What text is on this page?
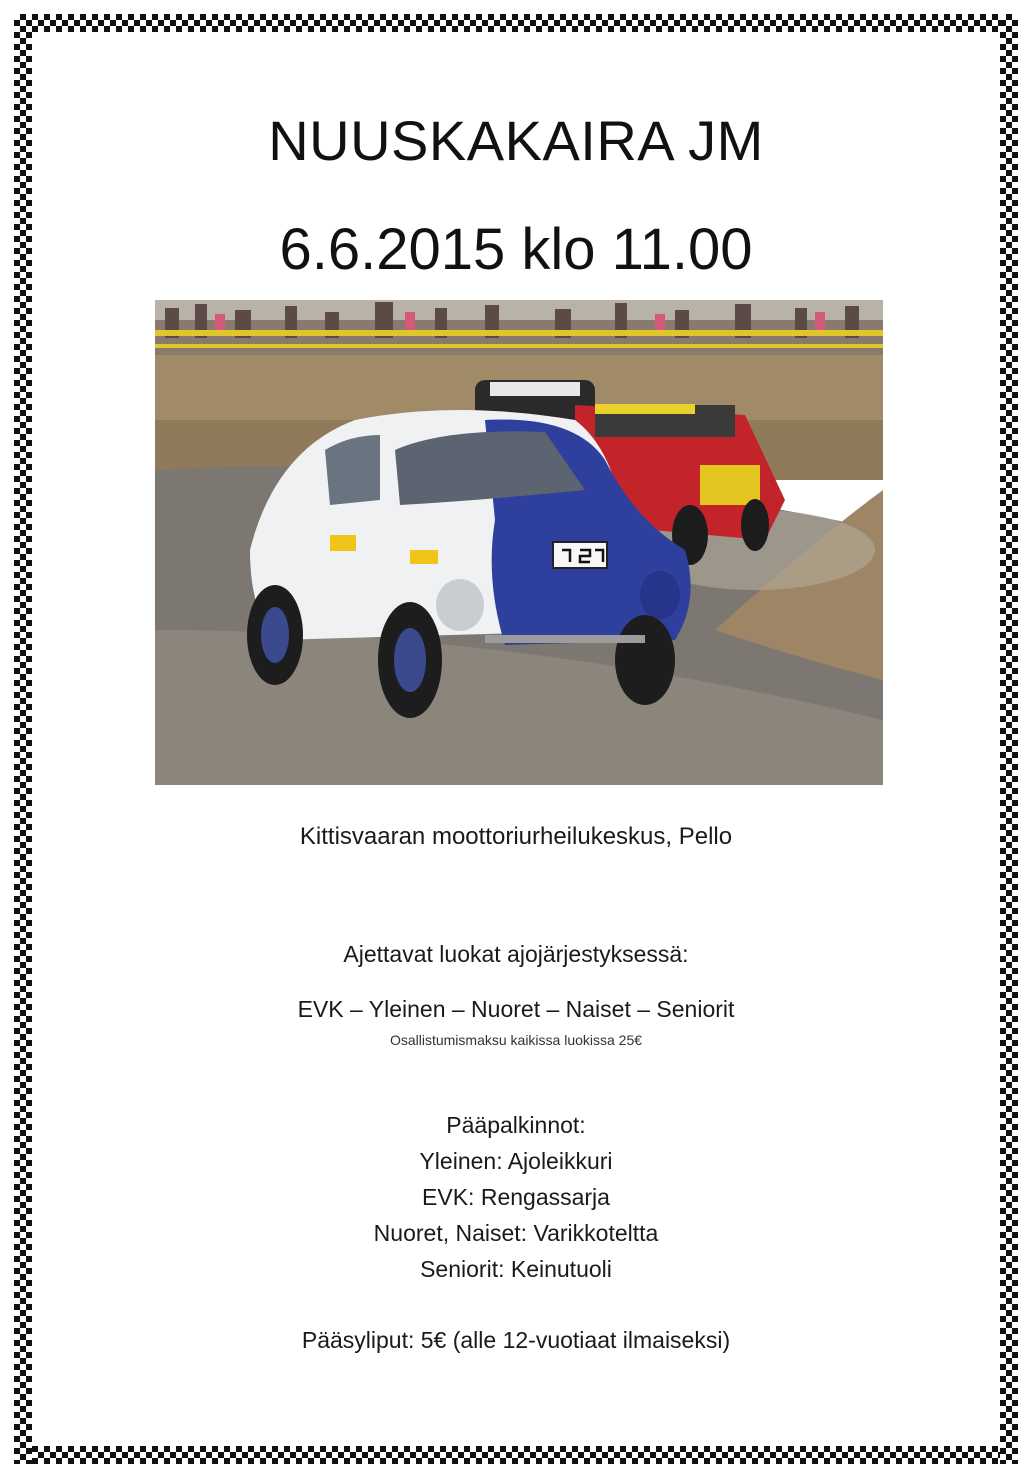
NUUSKAKAIRA JM
6.6.2015 klo 11.00
Kittisvaaran moottoriurheilukeskus, Pello
Ajettavat luokat ajojärjestyksessä:
EVK – Yleinen – Nuoret – Naiset – Seniorit
Osallistumismaksu kaikissa luokissa 25€
Pääpalkinnot:
Yleinen: Ajoleikkuri
EVK: Rengassarja
Nuoret, Naiset: Varikkoteltta
Seniorit: Keinutuoli
Pääsyliput: 5€ (alle 12-vuotiaat ilmaiseksi)
